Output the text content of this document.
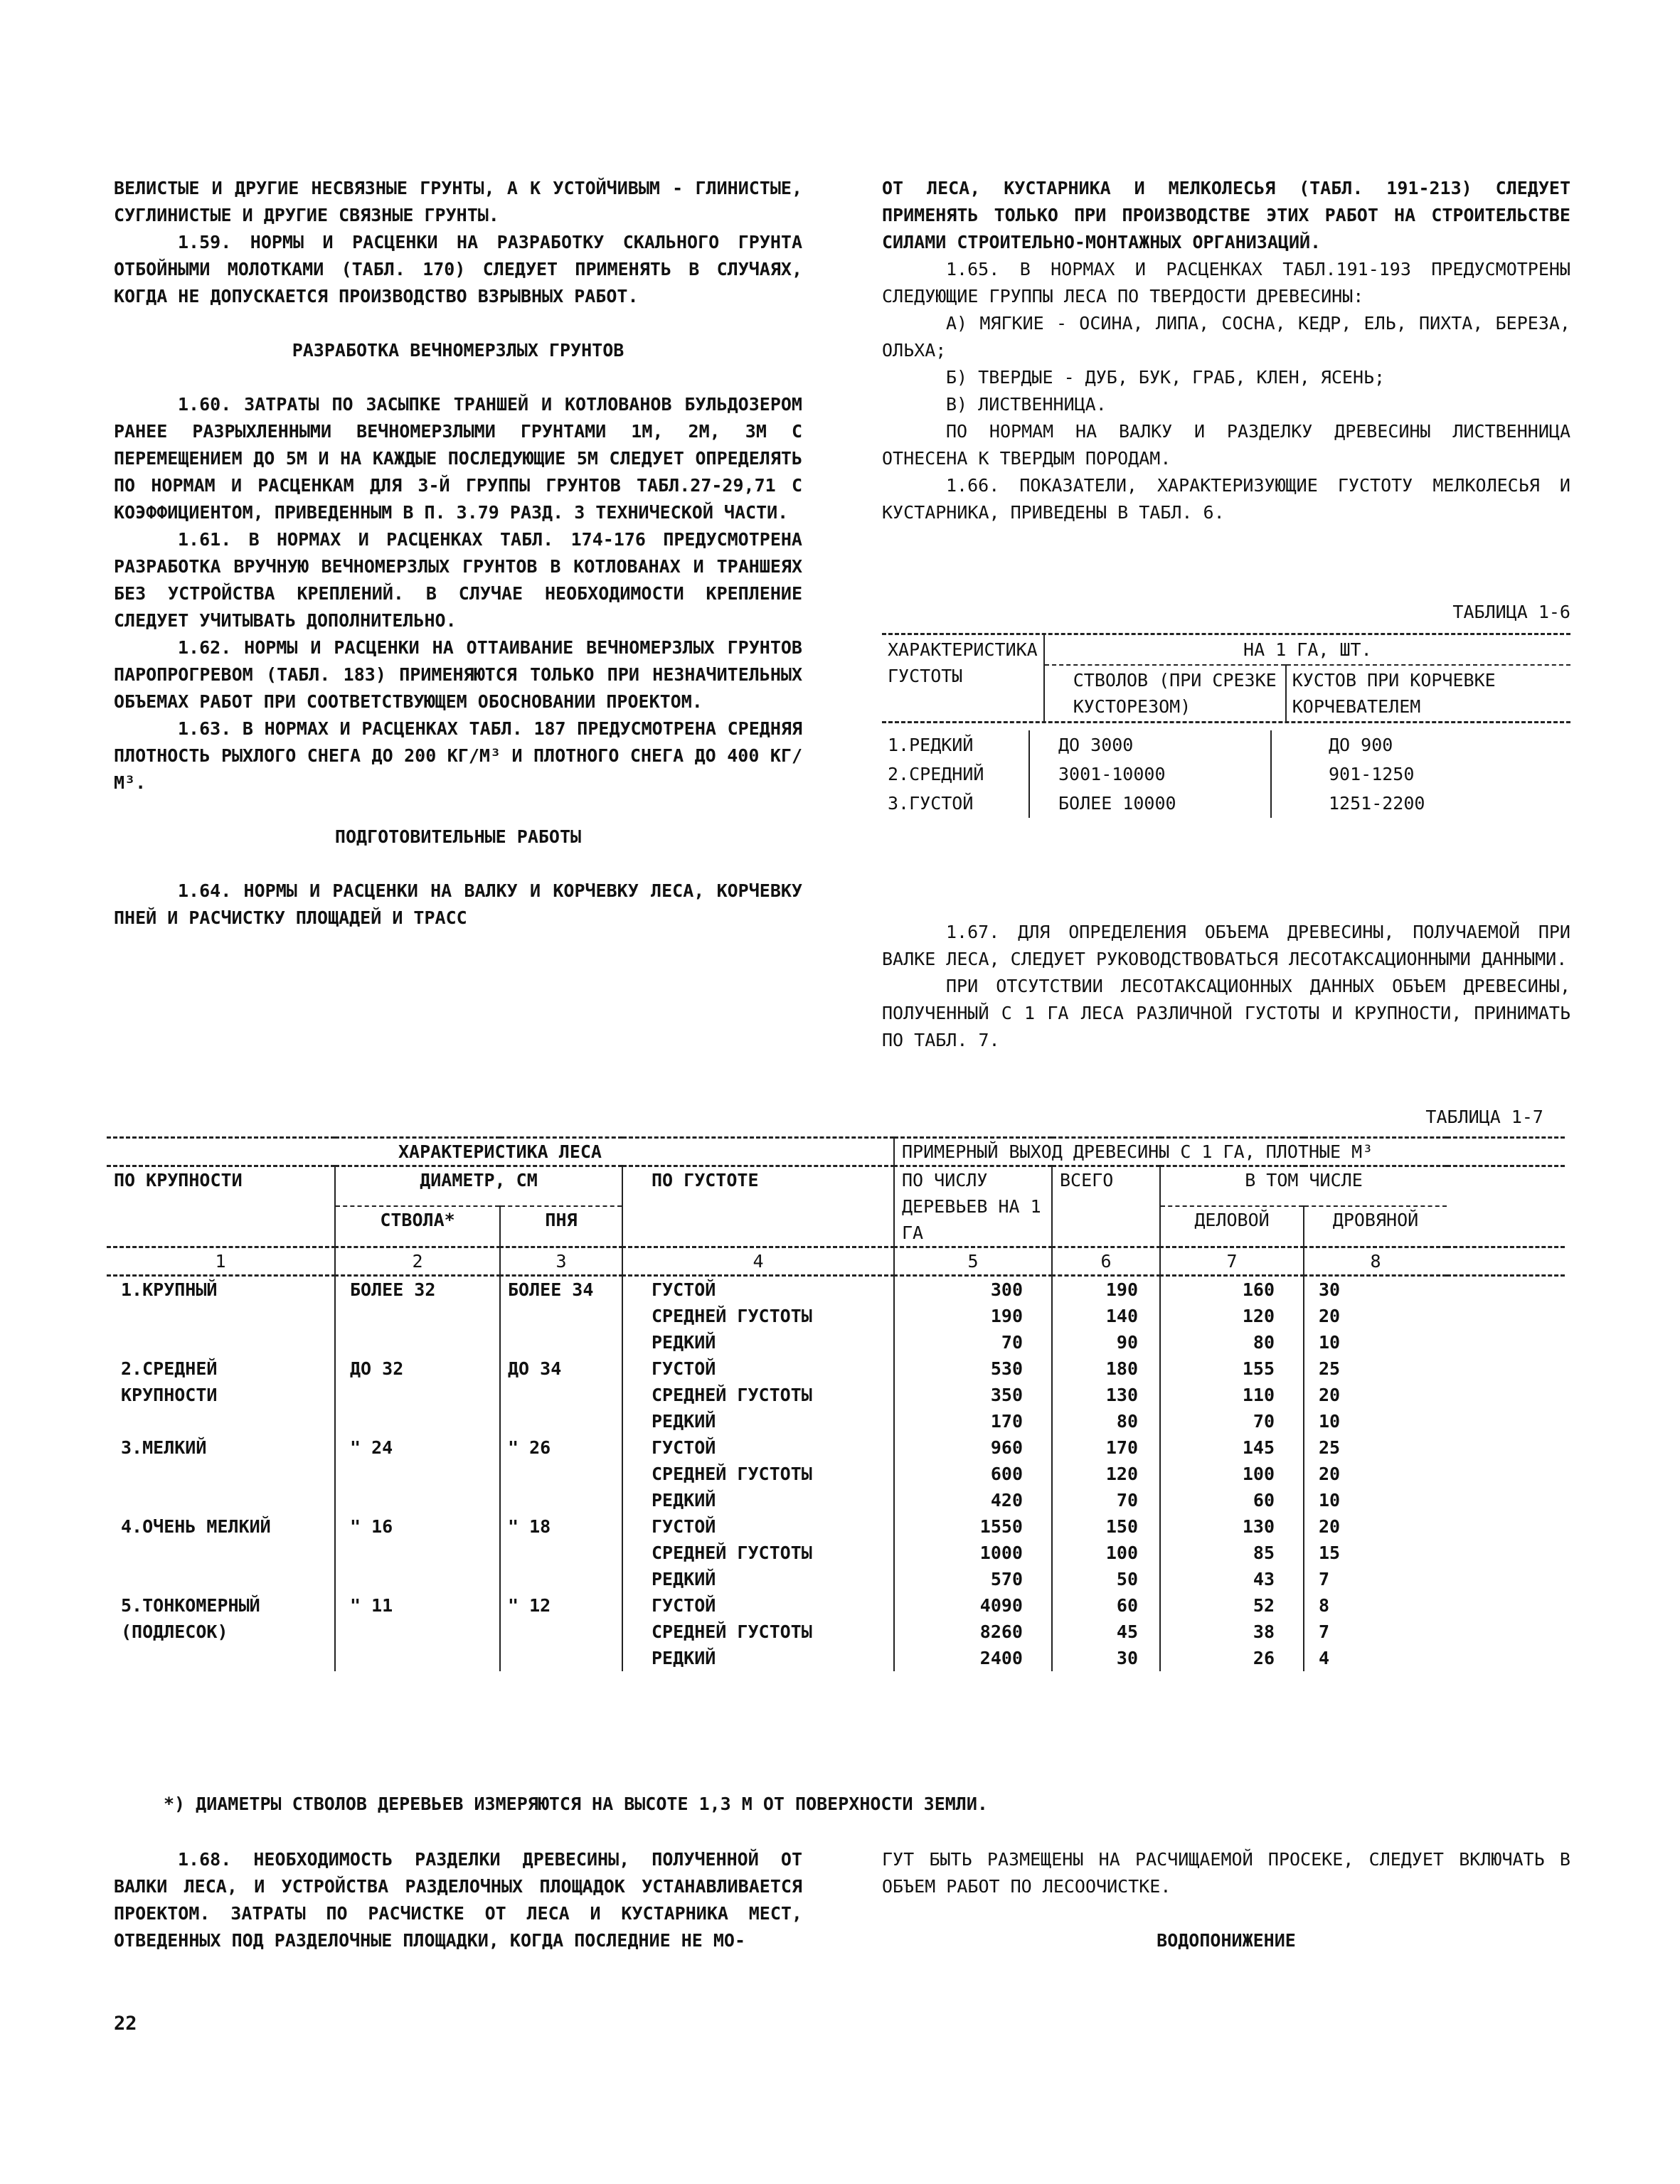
ВЕЛИСТЫЕ И ДРУГИЕ НЕСВЯЗНЫЕ ГРУНТЫ, А К УСТОЙЧИВЫМ - ГЛИНИСТЫЕ, СУГЛИНИСТЫЕ И ДРУГИЕ СВЯЗНЫЕ ГРУНТЫ.

1.59. НОРМЫ И РАСЦЕНКИ НА РАЗРАБОТКУ СКАЛЬНОГО ГРУНТА ОТБОЙНЫМИ МОЛОТКАМИ (ТАБЛ. 170) СЛЕДУЕТ ПРИМЕНЯТЬ В СЛУЧАЯХ, КОГДА НЕ ДОПУСКАЕТСЯ ПРОИЗВОДСТВО ВЗРЫВНЫХ РАБОТ.

РАЗРАБОТКА ВЕЧНОМЕРЗЛЫХ ГРУНТОВ

1.60. ЗАТРАТЫ ПО ЗАСЫПКЕ ТРАНШЕЙ И КОТЛОВАНОВ БУЛЬДОЗЕРОМ РАНЕЕ РАЗРЫХЛЕННЫМИ ВЕЧНОМЕРЗЛЫМИ ГРУНТАМИ 1М, 2М, 3М С ПЕРЕМЕЩЕНИЕМ ДО 5М И НА КАЖДЫЕ ПОСЛЕДУЮЩИЕ 5М СЛЕДУЕТ ОПРЕДЕЛЯТЬ ПО НОРМАМ И РАСЦЕНКАМ ДЛЯ 3-Й ГРУППЫ ГРУНТОВ ТАБЛ.27-29,71 С КОЭФФИЦИЕНТОМ, ПРИВЕДЕННЫМ В П. 3.79 РАЗД. 3 ТЕХНИЧЕСКОЙ ЧАСТИ.

1.61. В НОРМАХ И РАСЦЕНКАХ ТАБЛ. 174-176 ПРЕДУСМОТРЕНА РАЗРАБОТКА ВРУЧНУЮ ВЕЧНОМЕРЗЛЫХ ГРУНТОВ В КОТЛОВАНАХ И ТРАНШЕЯХ БЕЗ УСТРОЙСТВА КРЕПЛЕНИЙ. В СЛУЧАЕ НЕОБХОДИМОСТИ КРЕПЛЕНИЕ СЛЕДУЕТ УЧИТЫВАТЬ ДОПОЛНИТЕЛЬНО.

1.62. НОРМЫ И РАСЦЕНКИ НА ОТТАИВАНИЕ ВЕЧНОМЕРЗЛЫХ ГРУНТОВ ПАРОПРОГРЕВОМ (ТАБЛ. 183) ПРИМЕНЯЮТСЯ ТОЛЬКО ПРИ НЕЗНАЧИТЕЛЬНЫХ ОБЪЕМАХ РАБОТ ПРИ СООТВЕТСТВУЮЩЕМ ОБОСНОВАНИИ ПРОЕКТОМ.

1.63. В НОРМАХ И РАСЦЕНКАХ ТАБЛ. 187 ПРЕДУСМОТРЕНА СРЕДНЯЯ ПЛОТНОСТЬ РЫХЛОГО СНЕГА ДО 200 КГ/М³ И ПЛОТНОГО СНЕГА ДО 400 КГ/М³.

ПОДГОТОВИТЕЛЬНЫЕ РАБОТЫ

1.64. НОРМЫ И РАСЦЕНКИ НА ВАЛКУ И КОРЧЕВКУ ЛЕСА, КОРЧЕВКУ ПНЕЙ И РАСЧИСТКУ ПЛОЩАДЕЙ И ТРАСС

ОТ ЛЕСА, КУСТАРНИКА И МЕЛКОЛЕСЬЯ (ТАБЛ. 191-213) СЛЕДУЕТ ПРИМЕНЯТЬ ТОЛЬКО ПРИ ПРОИЗВОДСТВЕ ЭТИХ РАБОТ НА СТРОИТЕЛЬСТВЕ СИЛАМИ СТРОИТЕЛЬНО-МОНТАЖНЫХ ОРГАНИЗАЦИЙ.

1.65. В НОРМАХ И РАСЦЕНКАХ ТАБЛ.191-193 ПРЕДУСМОТРЕНЫ СЛЕДУЮЩИЕ ГРУППЫ ЛЕСА ПО ТВЕРДОСТИ ДРЕВЕСИНЫ:

А) МЯГКИЕ - ОСИНА, ЛИПА, СОСНА, КЕДР, ЕЛЬ, ПИХТА, БЕРЕЗА, ОЛЬХА;

Б) ТВЕРДЫЕ - ДУБ, БУК, ГРАБ, КЛЕН, ЯСЕНЬ;

В) ЛИСТВЕННИЦА.

ПО НОРМАМ НА ВАЛКУ И РАЗДЕЛКУ ДРЕВЕСИНЫ ЛИСТВЕННИЦА ОТНЕСЕНА К ТВЕРДЫМ ПОРОДАМ.

1.66. ПОКАЗАТЕЛИ, ХАРАКТЕРИЗУЮЩИЕ ГУСТОТУ МЕЛКОЛЕСЬЯ И КУСТАРНИКА, ПРИВЕДЕНЫ В ТАБЛ. 6.

ТАБЛИЦА 1-6
ХАРАКТЕРИСТИКА ГУСТОТЫ	НА 1 ГА, ШТ.	
	СТВОЛОВ (ПРИ СРЕЗКЕ КУСТОРЕЗОМ)	КУСТОВ ПРИ КОРЧЕВКЕ КОРЧЕВАТЕЛЕМ
1.РЕДКИЙ	ДО 3000	ДО 900
2.СРЕДНИЙ	3001-10000	901-1250
3.ГУСТОЙ	БОЛЕЕ 10000	1251-2200

1.67. ДЛЯ ОПРЕДЕЛЕНИЯ ОБЪЕМА ДРЕВЕСИНЫ, ПОЛУЧАЕМОЙ ПРИ ВАЛКЕ ЛЕСА, СЛЕДУЕТ РУКОВОДСТВОВАТЬСЯ ЛЕСОТАКСАЦИОННЫМИ ДАННЫМИ.

ПРИ ОТСУТСТВИИ ЛЕСОТАКСАЦИОННЫХ ДАННЫХ ОБЪЕМ ДРЕВЕСИНЫ, ПОЛУЧЕННЫЙ С 1 ГА ЛЕСА РАЗЛИЧНОЙ ГУСТОТЫ И КРУПНОСТИ, ПРИНИМАТЬ ПО ТАБЛ. 7.

ТАБЛИЦА 1-7

ХАРАКТЕРИСТИКА ЛЕСА				ПРИМЕРНЫЙ ВЫХОД ДРЕВЕСИНЫ С 1 ГА, ПЛОТНЫЕ М³				

ПО КРУПНОСТИ	ДИАМЕТР, СМ		ПО ГУСТОТЕ	ПО ЧИСЛУ ДЕРЕВЬЕВ НА 1 ГА	ВСЕГО	В ТОМ ЧИСЛЕ		
	СТВОЛА*	ПНЯ				ДЕЛОВОЙ	ДРОВЯНОЙ	

1	2	3	4	5	6	7	8	

1.КРУПНЫЙ	БОЛЕЕ 32	БОЛЕЕ 34	ГУСТОЙ	300	190	160	30	
			СРЕДНЕЙ ГУСТОТЫ	190	140	120	20	
			РЕДКИЙ	70	90	80	10	
2.СРЕДНЕЙ	ДО 32	ДО 34	ГУСТОЙ	530	180	155	25	
КРУПНОСТИ			СРЕДНЕЙ ГУСТОТЫ	350	130	110	20	
			РЕДКИЙ	170	80	70	10	
3.МЕЛКИЙ	" 24	" 26	ГУСТОЙ	960	170	145	25	
			СРЕДНЕЙ ГУСТОТЫ	600	120	100	20	
			РЕДКИЙ	420	70	60	10	
4.ОЧЕНЬ МЕЛКИЙ	" 16	" 18	ГУСТОЙ	1550	150	130	20	
			СРЕДНЕЙ ГУСТОТЫ	1000	100	85	15	
			РЕДКИЙ	570	50	43	7	
5.ТОНКОМЕРНЫЙ	" 11	" 12	ГУСТОЙ	4090	60	52	8	
(ПОДЛЕСОК)			СРЕДНЕЙ ГУСТОТЫ	8260	45	38	7	
			РЕДКИЙ	2400	30	26	4	
*) ДИАМЕТРЫ СТВОЛОВ ДЕРЕВЬЕВ ИЗМЕРЯЮТСЯ НА ВЫСОТЕ 1,3 М ОТ ПОВЕРХНОСТИ ЗЕМЛИ.

1.68. НЕОБХОДИМОСТЬ РАЗДЕЛКИ ДРЕВЕСИНЫ, ПОЛУЧЕННОЙ ОТ ВАЛКИ ЛЕСА, И УСТРОЙСТВА РАЗДЕЛОЧНЫХ ПЛОЩАДОК УСТАНАВЛИВАЕТСЯ ПРОЕКТОМ. ЗАТРАТЫ ПО РАСЧИСТКЕ ОТ ЛЕСА И КУСТАРНИКА МЕСТ, ОТВЕДЕННЫХ ПОД РАЗДЕЛОЧНЫЕ ПЛОЩАДКИ, КОГДА ПОСЛЕДНИЕ НЕ МО-

ГУТ БЫТЬ РАЗМЕЩЕНЫ НА РАСЧИЩАЕМОЙ ПРОСЕКЕ, СЛЕДУЕТ ВКЛЮЧАТЬ В ОБЪЕМ РАБОТ ПО ЛЕСООЧИСТКЕ.

ВОДОПОНИЖЕНИЕ

22
